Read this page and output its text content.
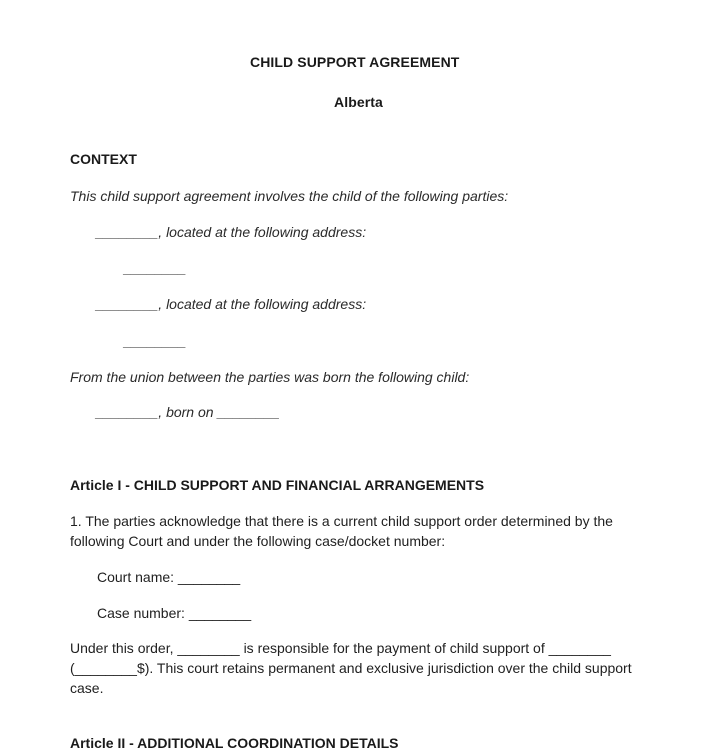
CHILD SUPPORT AGREEMENT
Alberta
CONTEXT
This child support agreement involves the child of the following parties:
________, located at the following address:
________
________, located at the following address:
________
From the union between the parties was born the following child:
________, born on ________
Article I - CHILD SUPPORT AND FINANCIAL ARRANGEMENTS
1. The parties acknowledge that there is a current child support order determined by the following Court and under the following case/docket number:
Court name: ________
Case number: ________
Under this order, ________ is responsible for the payment of child support of ________ (________$). This court retains permanent and exclusive jurisdiction over the child support case.
Article II - ADDITIONAL COORDINATION DETAILS
